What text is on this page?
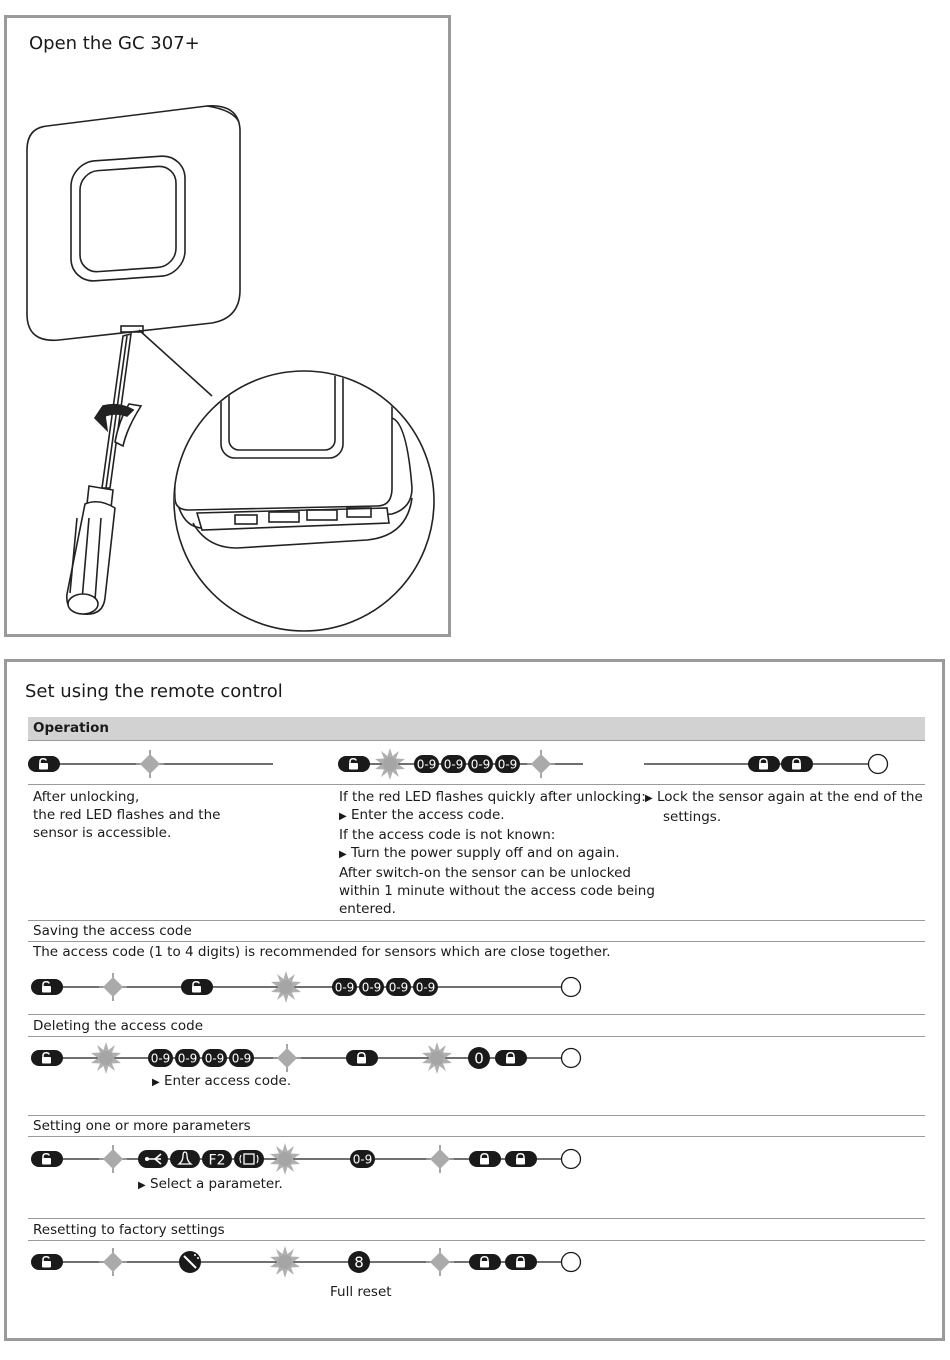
Open the GC 307+
Set using the remote control
Operation
0-9 0-9 0-9 0-9
After unlocking,
the red LED flashes and the
sensor is accessible.
If the red LED flashes quickly after unlocking:
▶ Enter the access code.
If the access code is not known:
▶ Turn the power supply off and on again.
After switch-on the sensor can be unlocked
within 1 minute without the access code being
entered.
▶ Lock the sensor again at the end of the
settings.
Saving the access code
The access code (1 to 4 digits) is recommended for sensors which are close together.
0-9 0-9 0-9 0-9
Deleting the access code
0-9 0-9 0-9 0-9	0
▶ Enter access code.
Setting one or more parameters
F2	0-9
▶ Select a parameter.
Resetting to factory settings
8
Full reset
